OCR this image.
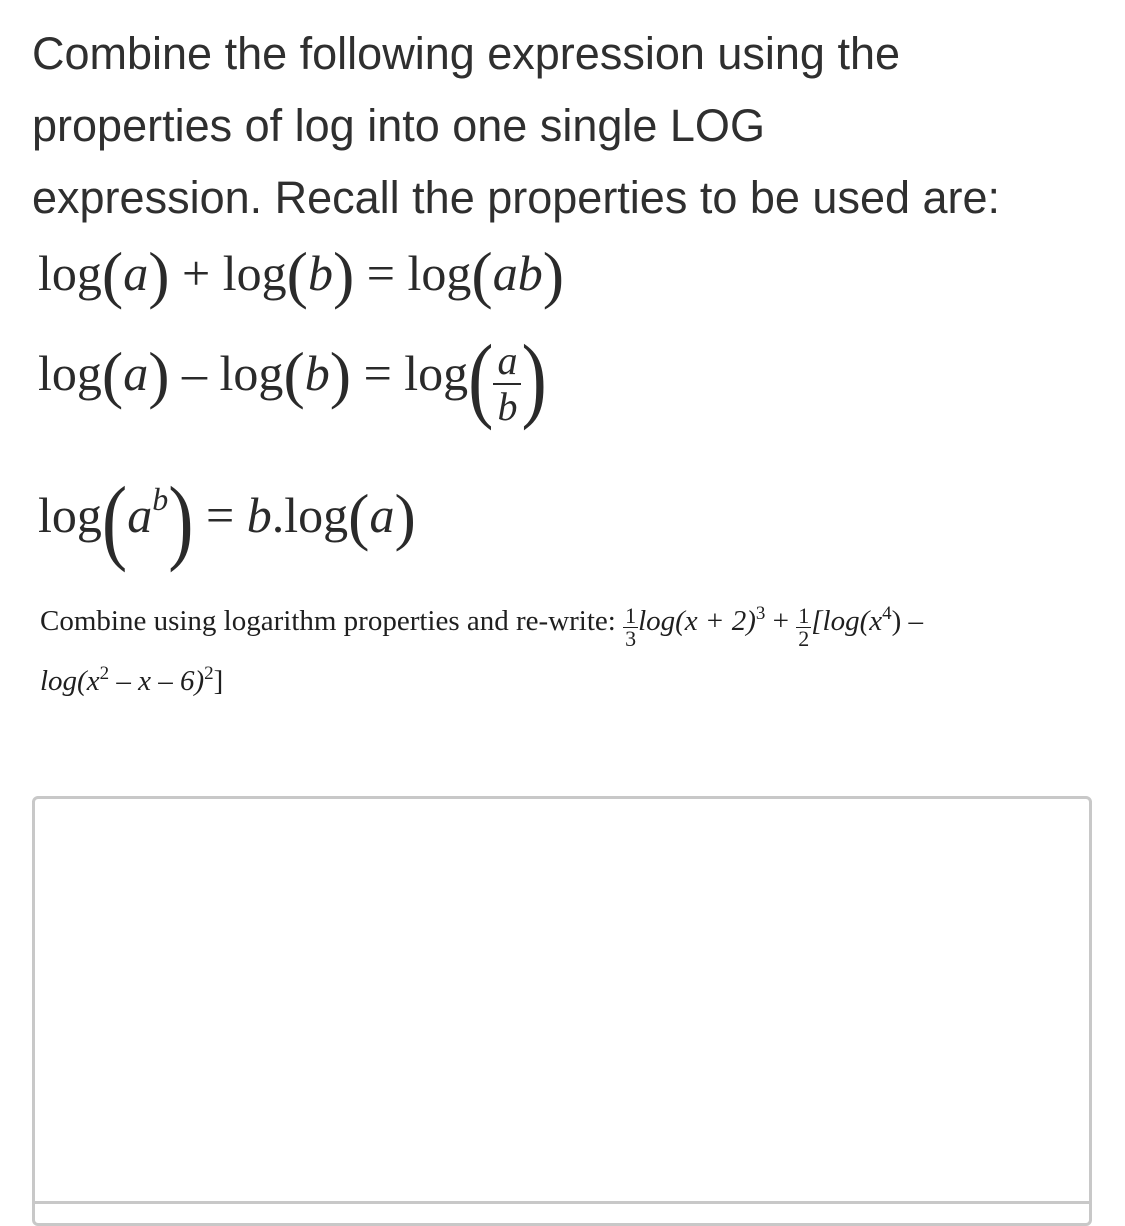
Combine the following expression using the

properties of log into one single LOG

expression. Recall the properties to be used are:

log(a) + log(b) = log(ab)
$\log(a) - \log(b) = \log( \frac{a}{b}$ )
$\log(a^b) = b.\log(a)$
Combine using logarithm properties and re-write: $\frac{1}{3} \log(x + 2)^3 + \frac{1}{2} [\log(x^4)$ –
$\log(x^2$ – x – 6)$^2$]
